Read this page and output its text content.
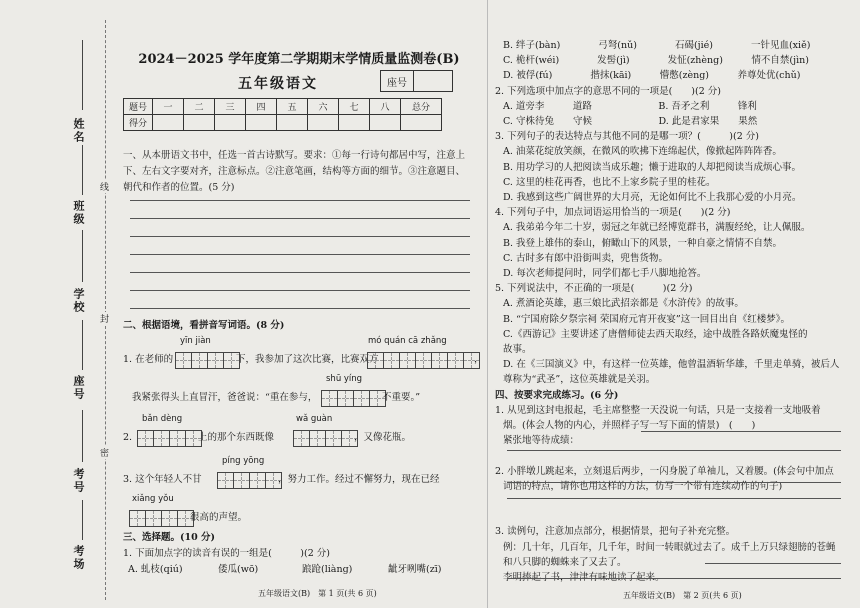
姓名
班级
学校
座号
考号
考场
线
封
密
2024－2025 学年度第二学期期末学情质量监测卷(B)
五年级语文	座号
题号	一	二	三	四	五	六	七	八	总分
得分									
一、从本册语文书中，任选一首古诗默写。要求：①每一行诗句都居中写，注意上
下、左右文字要对齐，注意标点。②注意笔画，结构等方面的细节。③注意题目、
朝代和作者的位置。(5 分)
二、根据语境，看拼音写词语。(8 分)
yīn jiàn	mó quán cā zhǎng
1. 在老师的	下，我参加了这次比赛，比赛双方	，
shū yíng
我紧张得头上直冒汗，爸爸说：“重在参与，	不重要。”
bǎn dèng	wǎ guàn
2.	上的那个东西既像	，又像花瓶。
píng yōng
3. 这个年轻人不甘	，努力工作。经过不懈努力，现在已经
xiǎng yǒu
很高的声望。
三、选择题。(10 分)
1. 下面加点字的读音有误的一组是(　　　)(2 分)
A. 虬枝(qiú)	倭瓜(wō)	踉跄(liàng)	龇牙咧嘴(zī)
五年级语文(B)　第 1 页(共 6 页)
B. 绊子(bàn)　　　　弓弩(nǔ)　　　　石碣(jié)　　　　一针见血(xiě)
C. 桅杆(wéi)　　　　发髻(jì)　　　　发怔(zhèng)　　　情不自禁(jìn)
D. 被俘(fú)　　　　揩抹(kāi)　　　懵憋(zèng)　　　养尊处优(chǔ)
2. 下列选项中加点字的意思不同的一项是(　　)(2 分)
A. 道旁李　　　道路　　　　　　　B. 吾矛之利　　　锋利
C. 守株待兔　　守候　　　　　　　D. 此是君家果　　果然
3. 下列句子的表达特点与其他不同的是哪一项？(　　　)(2 分)
A. 油菜花绽放笑颜，在微风的吹拂下连绵起伏，像掀起阵阵阵香。
B. 用功学习的人把阅读当成乐趣；懒于进取的人却把阅读当成烦心事。
C. 这里的桂花再香，也比不上家乡院子里的桂花。
D. 我感到这些广阔世界的大月亮，无论如何比不上我那心爱的小月亮。
4. 下列句子中，加点词语运用恰当的一项是(　　)(2 分)
A. 我弟弟今年二十岁，弱冠之年就已经博览群书，满腹经纶，让人佩服。
B. 我登上雄伟的泰山，俯瞰山下的风景，一种自豪之情情不自禁。
C. 古时多有郎中沿街叫卖，兜售货物。
D. 每次老师提问时，同学们都七手八脚地抢答。
5. 下列说法中，不正确的一项是(　　　)(2 分)
A. 煮酒论英雄，惠三娘比武招亲都是《水浒传》的故事。
B. “宁国府除夕祭宗祠 荣国府元宵开夜宴”这一回目出自《红楼梦》。
C.《西游记》主要讲述了唐僧师徒去西天取经，途中战胜各路妖魔鬼怪的
故事。
D. 在《三国演义》中，有这样一位英雄，他曾温酒斩华雄，千里走单骑，被后人
尊称为“武圣”，这位英雄就是关羽。
四、按要求完成练习。(6 分)
1. 从见到这封电报起，毛主席整整一天没说一句话，只是一支接着一支地吸着
烟。(体会人物的内心，并照样子写一写下面的情景)　(　　)
紧张地等待成绩：
2. 小胖墩儿跳起来，立刻退后两步，一闪身脱了单袖儿，又着腰。(体会句中加点
词语的特点，请你也用这样的方法，仿写一个带有连续动作的句子)
3. 读例句，注意加点部分，根据情景，把句子补充完整。
例：几十年，几百年，几千年，时间一转眼就过去了。成千上万只绿翅膀的苍蝇
和八只脚的蜘蛛来了又去了。
李明捧起了书，津津有味地读了起来。
五年级语文(B)　第 2 页(共 6 页)
